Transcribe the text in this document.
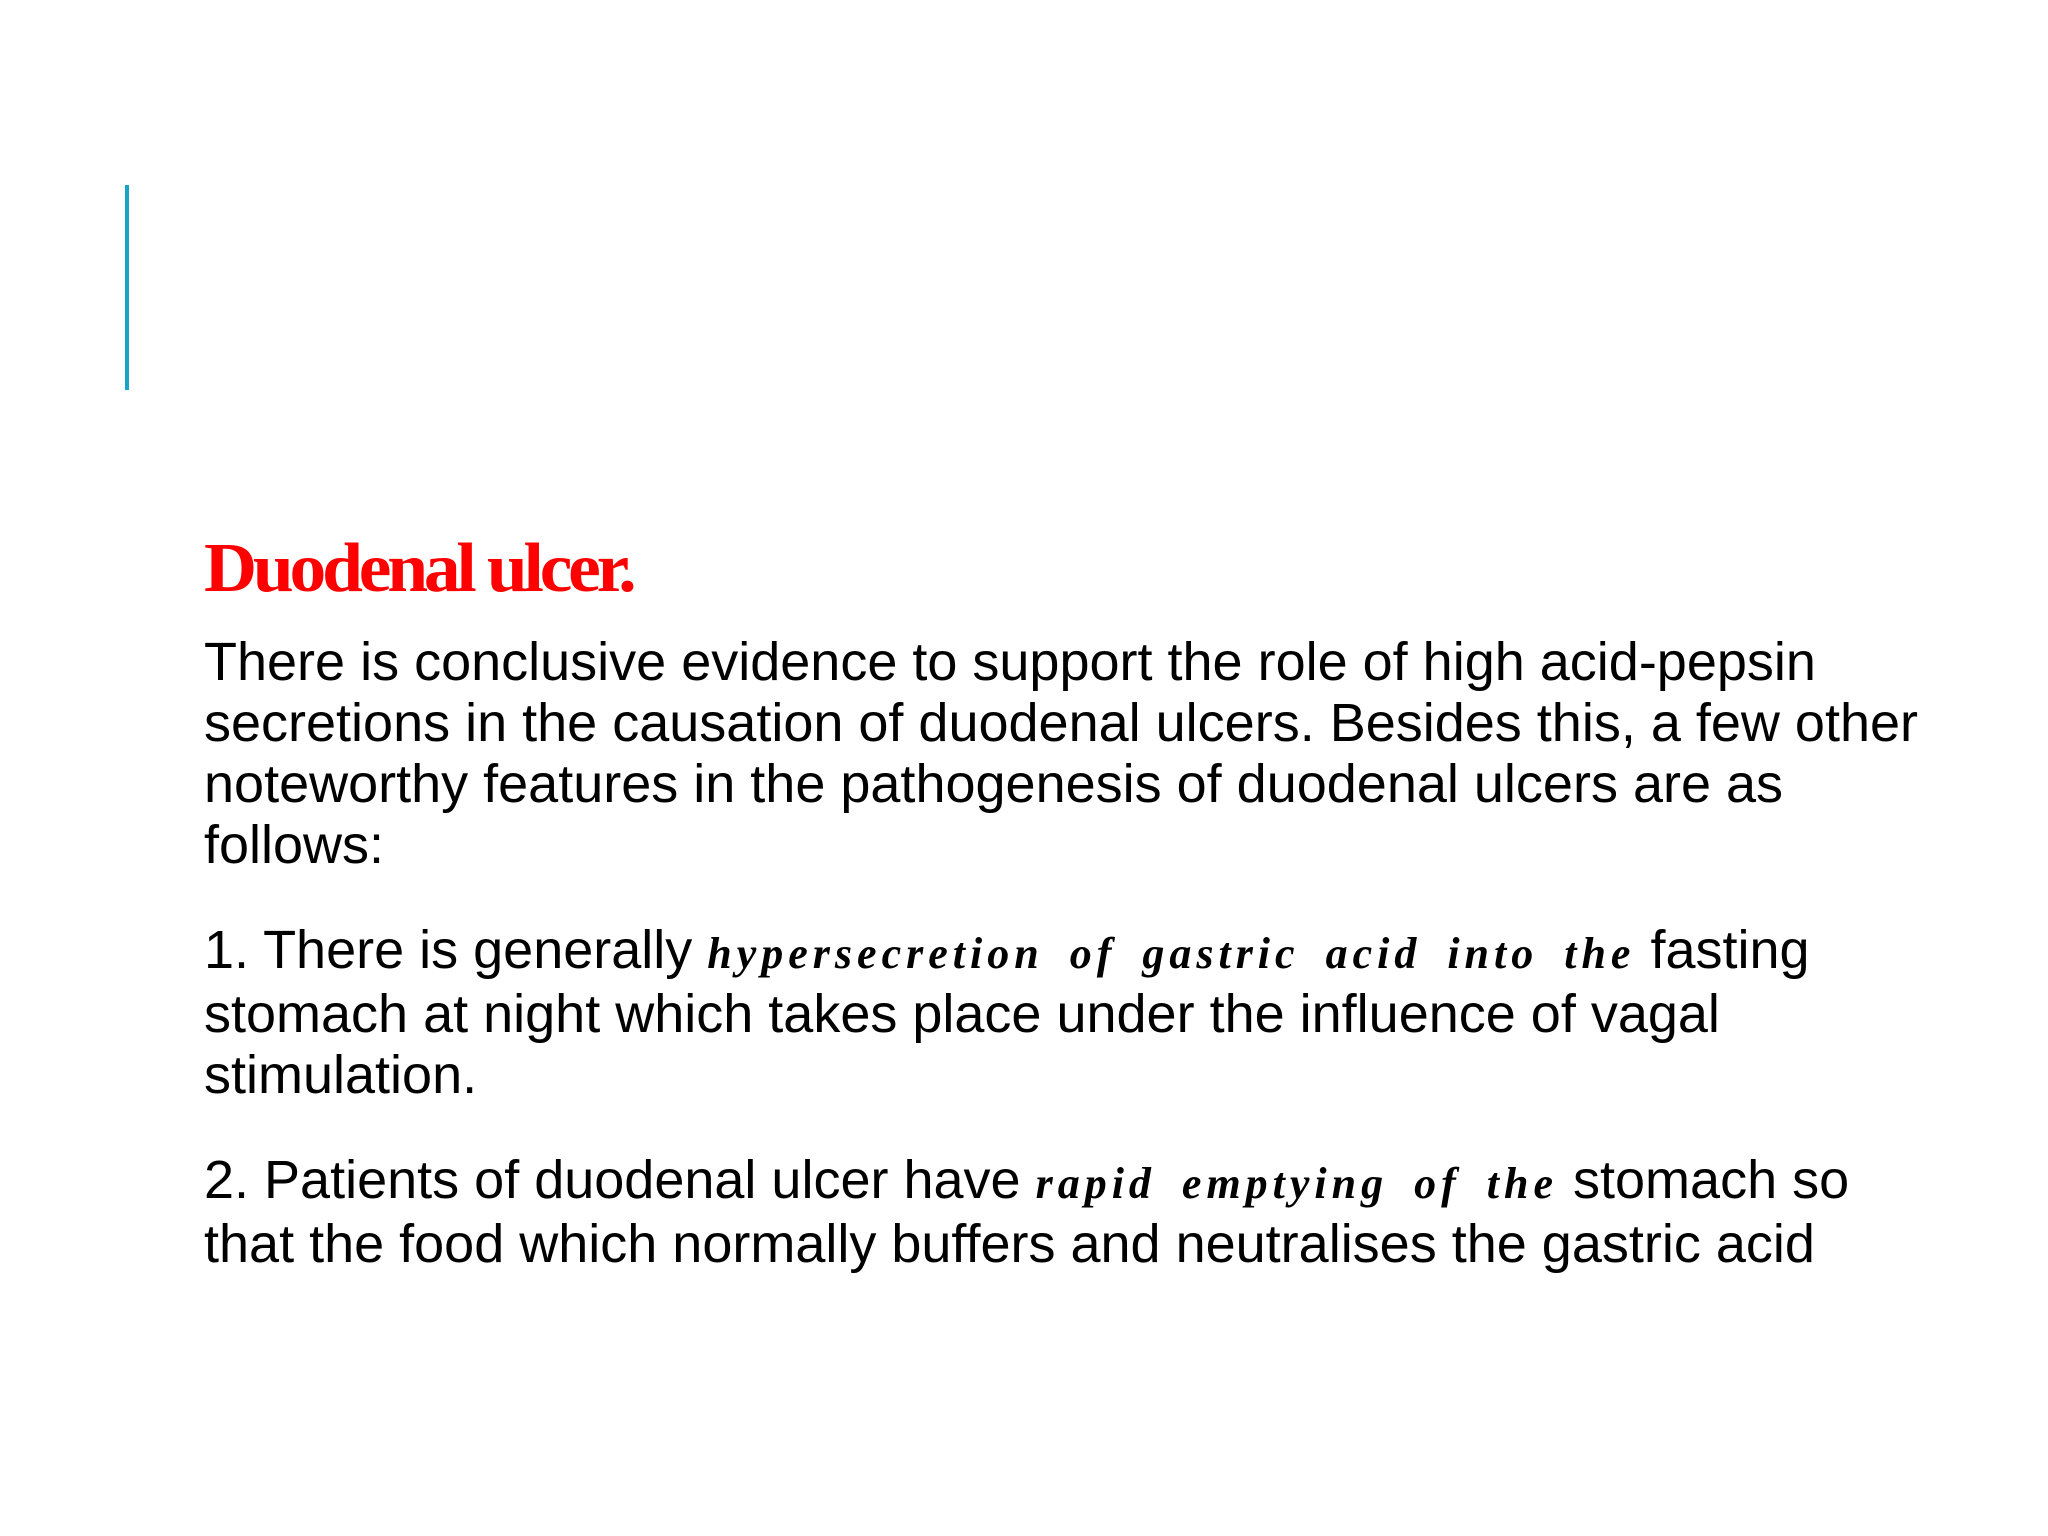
Duodenal ulcer.

There is conclusive evidence to support the role of high acid-pepsin secretions in the causation of duodenal ulcers. Besides this, a few other noteworthy features in the pathogenesis of duodenal ulcers are as follows:

1. There is generally hypersecretion of gastric acid into the fasting stomach at night which takes place under the influence of vagal stimulation.

2. Patients of duodenal ulcer have rapid emptying of the stomach so that the food which normally buffers and neutralises the gastric acid
